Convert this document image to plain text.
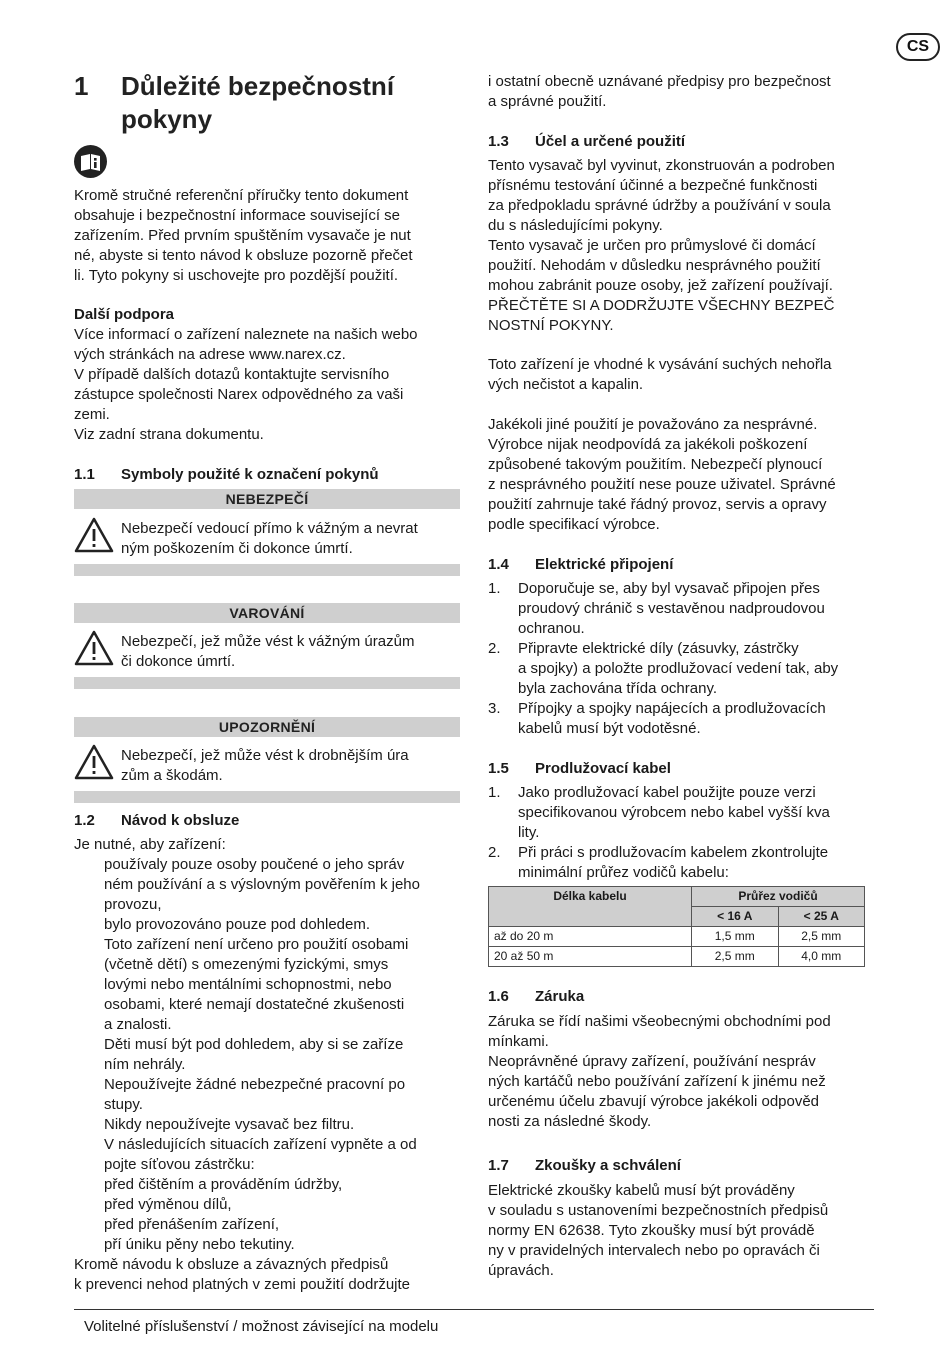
CS
1 Důležité bezpečnostní
pokyny
Kromě stručné referenční příručky tento dokument
obsahuje i bezpečnostní informace související se
zařízením. Před prvním spuštěním vysavače je nut
né, abyste si tento návod k obsluze pozorně přečet
li. Tyto pokyny si uschovejte pro pozdější použití.
Další podpora
Více informací o zařízení naleznete na našich webo
vých stránkách na adrese www.narex.cz.
V případě dalších dotazů kontaktujte servisního
zástupce společnosti Narex odpovědného za vaši
zemi.
Viz zadní strana dokumentu.
1.1 Symboly použité k označení pokynů
NEBEZPEČÍ
Nebezpečí vedoucí přímo k vážným a nevrat
ným poškozením či dokonce úmrtí.
VAROVÁNÍ
Nebezpečí, jež může vést k vážným úrazům
či dokonce úmrtí.
UPOZORNĚNÍ
Nebezpečí, jež může vést k drobnějším úra
zům a škodám.
1.2 Návod k obsluze
Je nutné, aby zařízení:
používaly pouze osoby poučené o jeho správ
ném používání a s výslovným pověřením k jeho
provozu,
bylo provozováno pouze pod dohledem.
Toto zařízení není určeno pro použití osobami
(včetně dětí) s omezenými fyzickými, smys
lovými nebo mentálními schopnostmi, nebo
osobami, které nemají dostatečné zkušenosti
a znalosti.
Děti musí být pod dohledem, aby si se zaříze
ním nehrály.
Nepoužívejte žádné nebezpečné pracovní po
stupy.
Nikdy nepoužívejte vysavač bez filtru.
V následujících situacích zařízení vypněte a od
pojte síťovou zástrčku:
před čištěním a prováděním údržby,
před výměnou dílů,
před přenášením zařízení,
pří úniku pěny nebo tekutiny.
Kromě návodu k obsluze a závazných předpisů
k prevenci nehod platných v zemi použití dodržujte
i ostatní obecně uznávané předpisy pro bezpečnost
a správné použití.
1.3 Účel a určené použití
Tento vysavač byl vyvinut, zkonstruován a podroben
přísnému testování účinné a bezpečné funkčnosti
za předpokladu správné údržby a používání v soula
du s následujícími pokyny.
Tento vysavač je určen pro průmyslové či domácí
použití. Nehodám v důsledku nesprávného použití
mohou zabránit pouze osoby, jež zařízení používají.
PŘEČTĚTE SI A DODRŽUJTE VŠECHNY BEZPEČ
NOSTNÍ POKYNY.
Toto zařízení je vhodné k vysávání suchých nehořla
vých nečistot a kapalin.
Jakékoli jiné použití je považováno za nesprávné.
Výrobce nijak neodpovídá za jakékoli poškození
způsobené takovým použitím. Nebezpečí plynoucí
z nesprávného použití nese pouze uživatel. Správné
použití zahrnuje také řádný provoz, servis a opravy
podle specifikací výrobce.
1.4 Elektrické připojení
1. Doporučuje se, aby byl vysavač připojen přes
proudový chránič s vestavěnou nadproudovou
ochranou.
2. Připravte elektrické díly (zásuvky, zástrčky
a spojky) a položte prodlužovací vedení tak, aby
byla zachována třída ochrany.
3. Přípojky a spojky napájecích a prodlužovacích
kabelů musí být vodotěsné.
1.5 Prodlužovací kabel
1. Jako prodlužovací kabel použijte pouze verzi
specifikovanou výrobcem nebo kabel vyšší kva
lity.
2. Při práci s prodlužovacím kabelem zkontrolujte
minimální průřez vodičů kabelu:
Délka kabelu	Průřez vodičů	
	< 16 A	< 25 A
až do 20 m	1,5 mm	2,5 mm
20 až 50 m	2,5 mm	4,0 mm
1.6 Záruka
Záruka se řídí našimi všeobecnými obchodními pod
mínkami.
Neoprávněné úpravy zařízení, používání nespráv
ných kartáčů nebo používání zařízení k jinému než
určenému účelu zbavují výrobce jakékoli odpověd
nosti za následné škody.
1.7 Zkoušky a schválení
Elektrické zkoušky kabelů musí být prováděny
v souladu s ustanoveními bezpečnostních předpisů
normy EN 62638. Tyto zkoušky musí být provádě
ny v pravidelných intervalech nebo po opravách či
úpravách.
Volitelné příslušenství / možnost závisející na modelu
